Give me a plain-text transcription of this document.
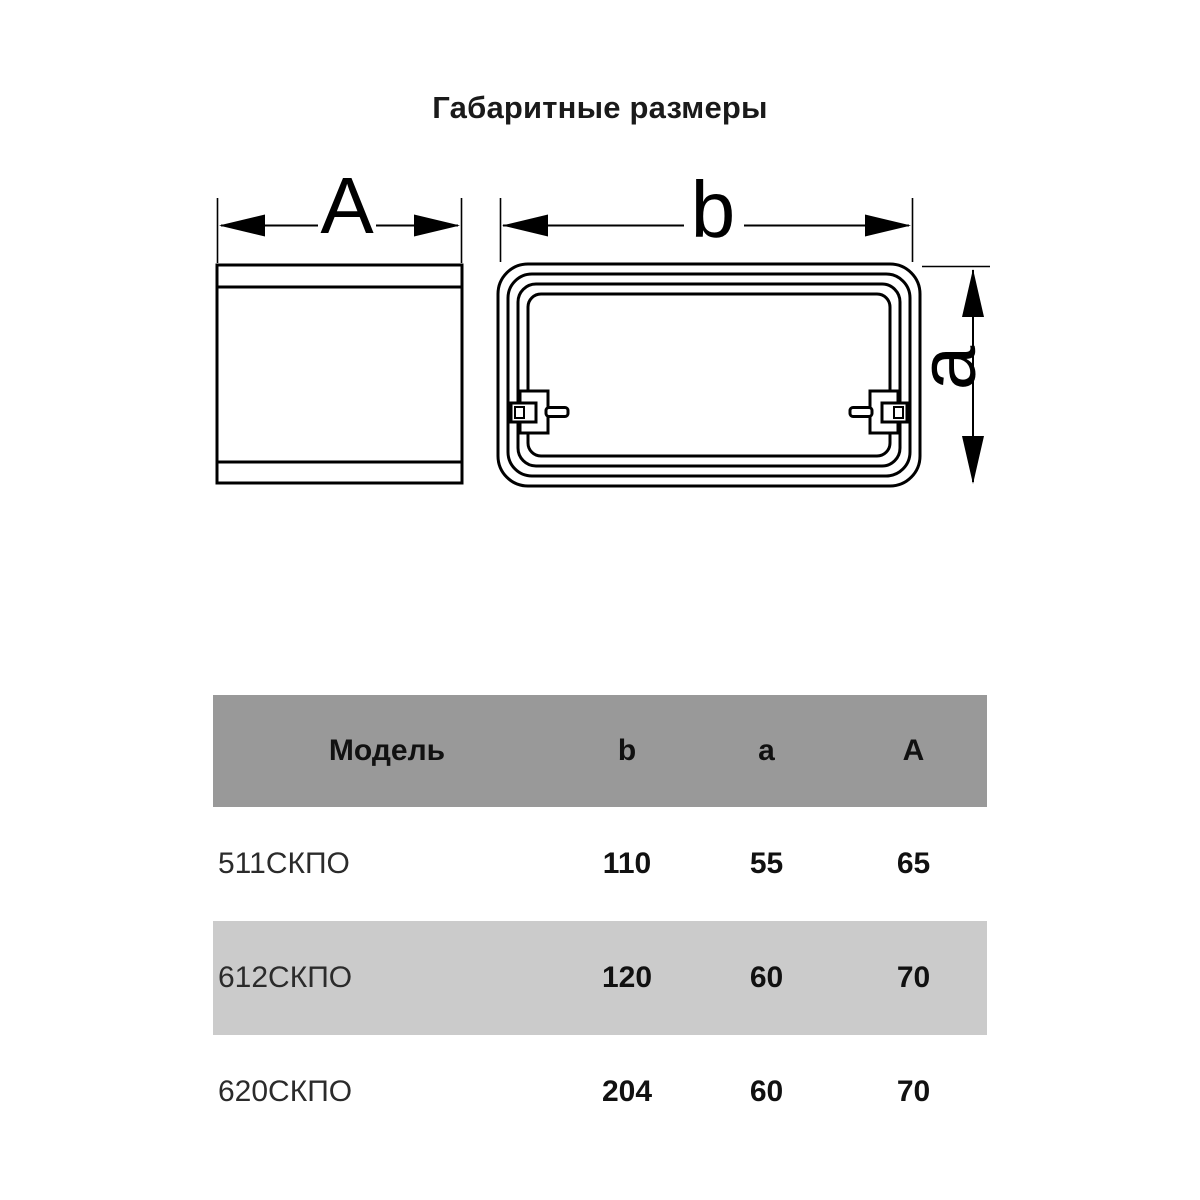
Габаритные размеры
A	b
a
Модель	b	a	A
511СКПО	110	55	65
612СКПО	120	60	70
620СКПО	204	60	70
